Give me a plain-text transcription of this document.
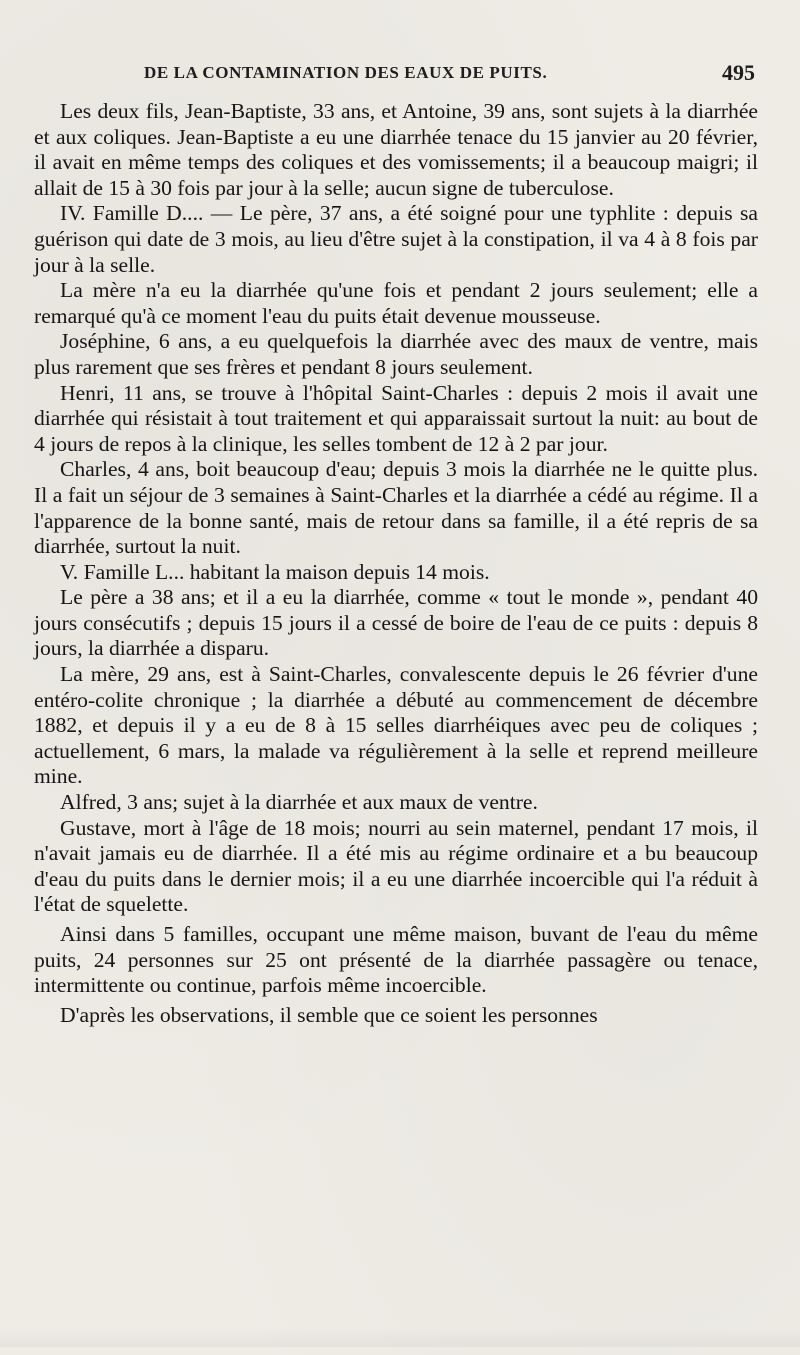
DE LA CONTAMINATION DES EAUX DE PUITS.	495

Les deux fils, Jean-Baptiste, 33 ans, et Antoine, 39 ans, sont sujets à la diarrhée et aux coliques. Jean-Baptiste a eu une diarrhée tenace du 15 janvier au 20 février, il avait en même temps des coliques et des vomissements; il a beaucoup maigri; il allait de 15 à 30 fois par jour à la selle; aucun signe de tuberculose.

IV. Famille D.... — Le père, 37 ans, a été soigné pour une typhlite : depuis sa guérison qui date de 3 mois, au lieu d'être sujet à la constipation, il va 4 à 8 fois par jour à la selle.

La mère n'a eu la diarrhée qu'une fois et pendant 2 jours seulement; elle a remarqué qu'à ce moment l'eau du puits était devenue mousseuse.

Joséphine, 6 ans, a eu quelquefois la diarrhée avec des maux de ventre, mais plus rarement que ses frères et pendant 8 jours seulement.

Henri, 11 ans, se trouve à l'hôpital Saint-Charles : depuis 2 mois il avait une diarrhée qui résistait à tout traitement et qui apparaissait surtout la nuit: au bout de 4 jours de repos à la clinique, les selles tombent de 12 à 2 par jour.

Charles, 4 ans, boit beaucoup d'eau; depuis 3 mois la diarrhée ne le quitte plus. Il a fait un séjour de 3 semaines à Saint-Charles et la diarrhée a cédé au régime. Il a l'apparence de la bonne santé, mais de retour dans sa famille, il a été repris de sa diarrhée, surtout la nuit.

V. Famille L... habitant la maison depuis 14 mois.

Le père a 38 ans; et il a eu la diarrhée, comme « tout le monde », pendant 40 jours consécutifs ; depuis 15 jours il a cessé de boire de l'eau de ce puits : depuis 8 jours, la diarrhée a disparu.

La mère, 29 ans, est à Saint-Charles, convalescente depuis le 26 février d'une entéro-colite chronique ; la diarrhée a débuté au commencement de décembre 1882, et depuis il y a eu de 8 à 15 selles diarrhéiques avec peu de coliques ; actuellement, 6 mars, la malade va régulièrement à la selle et reprend meilleure mine.

Alfred, 3 ans; sujet à la diarrhée et aux maux de ventre.

Gustave, mort à l'âge de 18 mois; nourri au sein maternel, pendant 17 mois, il n'avait jamais eu de diarrhée. Il a été mis au régime ordinaire et a bu beaucoup d'eau du puits dans le dernier mois; il a eu une diarrhée incoercible qui l'a réduit à l'état de squelette.

Ainsi dans 5 familles, occupant une même maison, buvant de l'eau du même puits, 24 personnes sur 25 ont présenté de la diarrhée passagère ou tenace, intermittente ou continue, parfois même incoercible.

D'après les observations, il semble que ce soient les personnes
